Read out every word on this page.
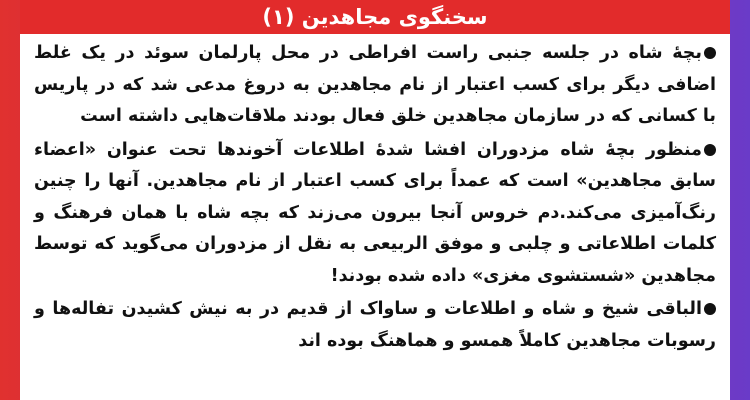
سخنگوی مجاهدین (۱)

بچهٔ شاه در جلسه جنبی راست افراطی در محل پارلمان سوئد در یک غلط اضافی دیگر برای کسب اعتبار از نام مجاهدین به دروغ مدعی شد که در پاریس با کسانی که در سازمان مجاهدین خلق فعال بودند ملاقات‌هایی داشته است

منظور بچهٔ شاه مزدوران افشا شدهٔ اطلاعات آخوندها تحت عنوان «اعضاء سابق مجاهدین» است که عمداً برای کسب اعتبار از نام مجاهدین. آنها را چنین رنگ‌آمیزی می‌کند.دم خروس آنجا بیرون می‌زند که بچه شاه با همان فرهنگ و کلمات اطلاعاتی و چلبی و موفق الربیعی به نقل از مزدوران می‌گوید که توسط مجاهدین «شستشوی مغزی» داده شده بودند!

الباقی شیخ و شاه و اطلاعات و ساواک از قدیم در به نیش کشیدن تفاله‌ها و رسوبات مجاهدین کاملاً همسو و هماهنگ بوده اند
